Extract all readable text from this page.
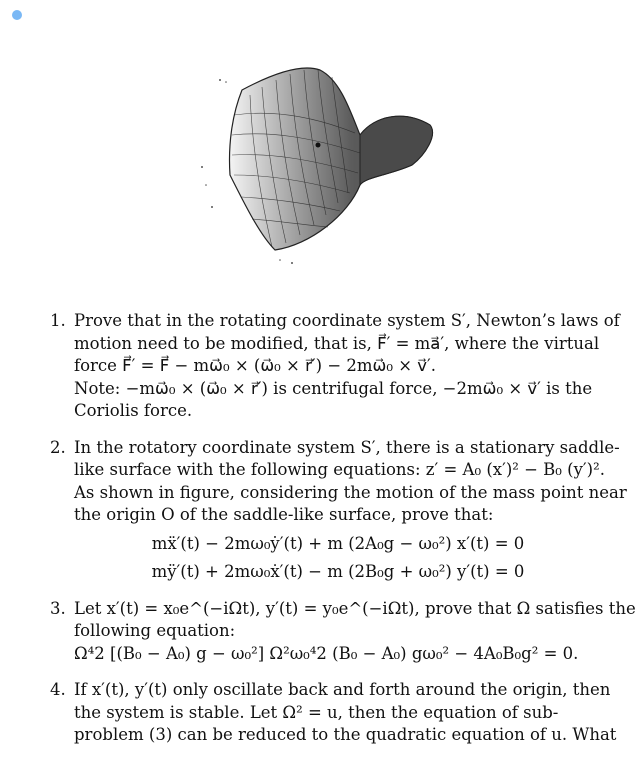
1. Prove that in the rotating coordinate system S′, Newton’s laws of
motion need to be modified, that is, F⃗′ = ma⃗′, where the virtual
force F⃗′ = F⃗ − mω⃗₀ × (ω⃗₀ × r⃗′) − 2mω⃗₀ × v⃗′.
Note: −mω⃗₀ × (ω⃗₀ × r⃗′) is centrifugal force, −2mω⃗₀ × v⃗′ is the
Coriolis force.
2. In the rotatory coordinate system S′, there is a stationary saddle-
like surface with the following equations: z′ = A₀ (x′)² − B₀ (y′)².
As shown in figure, considering the motion of the mass point near
the origin O of the saddle-like surface, prove that:
mẍ′(t) − 2mω₀ẏ′(t) + m (2A₀g − ω₀²) x′(t) = 0
mÿ′(t) + 2mω₀ẋ′(t) − m (2B₀g + ω₀²) y′(t) = 0
3. Let x′(t) = x₀e^(−iΩt), y′(t) = y₀e^(−iΩt), prove that Ω satisfies the
following equation:
Ω⁴2 [(B₀ − A₀) g − ω₀²] Ω²ω₀⁴2 (B₀ − A₀) gω₀² − 4A₀B₀g² = 0.
4. If x′(t), y′(t) only oscillate back and forth around the origin, then
the system is stable. Let Ω² = u, then the equation of sub-
problem (3) can be reduced to the quadratic equation of u. What
